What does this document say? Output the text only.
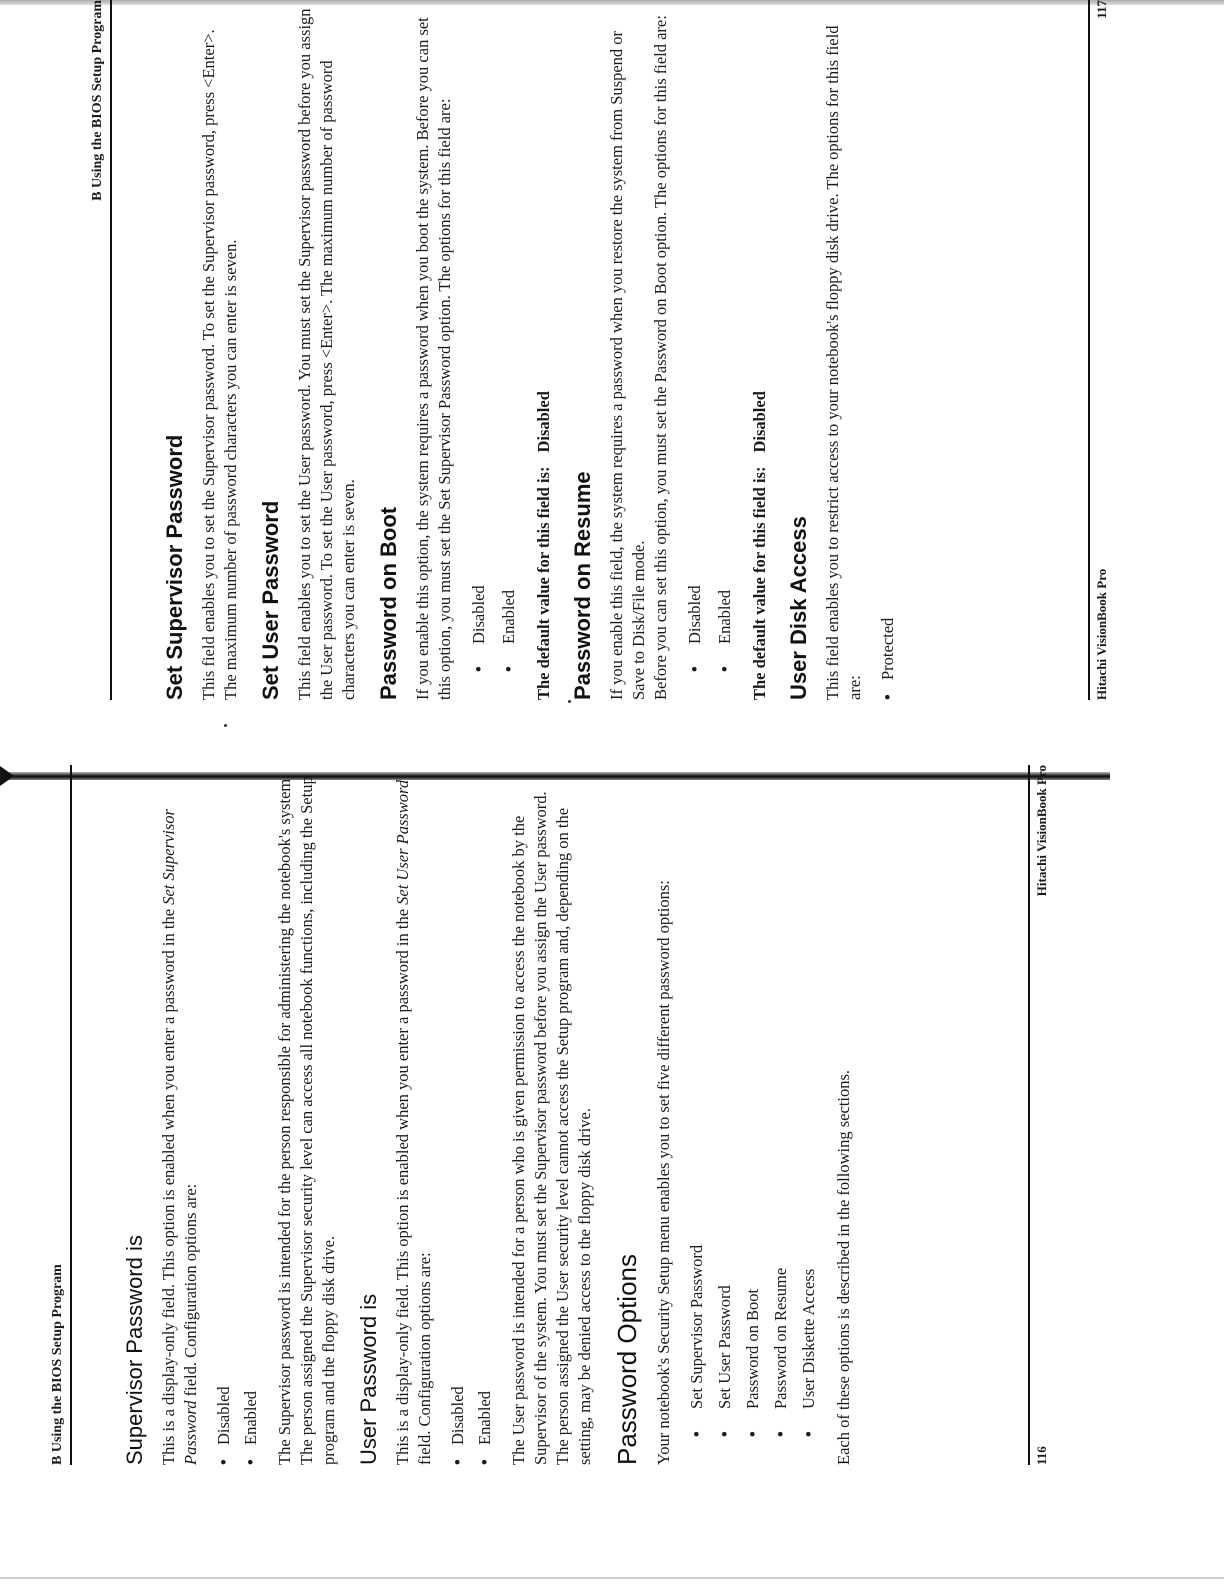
B Using the BIOS Setup Program	Supervisor Password is This is a display-only field. This option is enabled when you enter a password in the Set Supervisor Password field. Configuration options are:

• Disabled • Enabled The Supervisor password is intended for the person responsible for administering the notebook's system. The person assigned the Supervisor security level can access all notebook functions, including the Setup program and the floppy disk drive. User Password is This is a display-only field. This option is enabled when you enter a password in the Set User Password field. Configuration options are: • Disabled • Enabled The User password is intended for a person who is given permission to access the notebook by the Supervisor of the system. You must set the Supervisor password before you assign the User password. The person assigned the User security level cannot access the Setup program and, depending on the setting, may be denied access to the floppy disk drive. Password Options Your notebook's Security Setup menu enables you to set five different password options: • Set Supervisor Password • Set User Password • Password on Boot • Password on Resume • User Diskette Access Each of these options is described in the following sections.	116
Hitachi VisionBook Pro
B Using the BIOS Setup Program
Set Supervisor Password This field enables you to set the Supervisor password. To set the Supervisor password, press <Enter>. The maximum number of password characters you can enter is seven. Set User Password This field enables you to set the User password. You must set the Supervisor password before you assign the User password. To set the User password, press <Enter>. The maximum number of password characters you can enter is seven. Password on Boot If you enable this option, the system requires a password when you boot the system. Before you can set this option, you must set the Set Supervisor Password option. The options for this field are: • Disabled • Enabled The default value for this field is:Disabled
Password on Resume If you enable this field, the system requires a password when you restore the system from Suspend or Save to Disk/File mode. Before you can set this option, you must set the Password on Boot option. The options for this field are: • Disabled • Enabled The default value for this field is:Disabled
User Disk Access This field enables you to restrict access to your notebook's floppy disk drive. The options for this field are:

• Protected	Hitachi VisionBook Pro
117
